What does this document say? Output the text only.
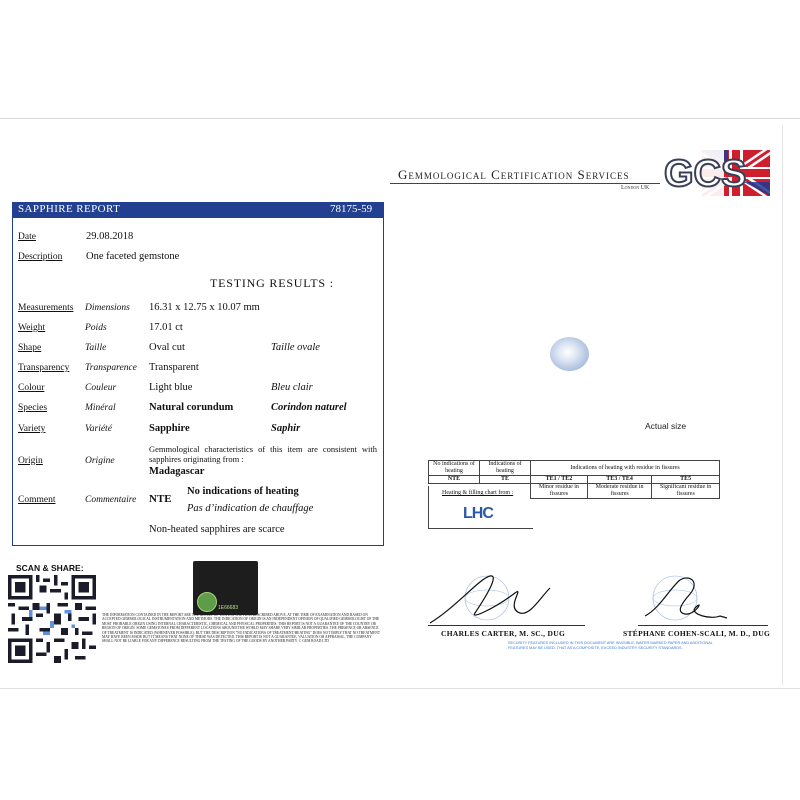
Gemmological Certification Services
London UK GCS
SAPPHIRE REPORT	78175-59
Date	29.08.2018
Description One faceted gemstone
TESTING RESULTS :
Measurements Dimensions 16.31 x 12.75 x 10.07 mm
Weight	Poids	17.01 ct
Shape	Taille	Oval cut	Taille ovale
Transparency Transparence Transparent
Colour	Couleur	Light blue	Bleu clair
Species	Minéral	Natural corundum	Corindon naturel
Variety	Variété	Sapphire	Saphir
Origin	Origine
Gemmological characteristics of this item are consistent with sapphires originating from :
Madagascar
Comment	Commentaire NTE
No indications of heating
Pas d’indication de chauffage
Non-heated sapphires are scarce
Actual size
No indications of heating	Indications of heating	Indications of heating with residue in fissures		
NTE	TE	TE1 / TE2	TE3 / TE4	TE5
		Minor residue in fissures	Moderate residue in fissures	Significant residue in fissures
Heating & filling chart from :
LHC
SCAN & SHARE:
1E66683
THE INFORMATION CONTAINED IN THE REPORT ARE THE RESULT OF TESTING THE ITEM DESCRIBED ABOVE, AT THE TIME OF EXAMINATION AND BASED ON ACCEPTED GEMMOLOGICAL INSTRUMENTATION AND METHODS. THE INDICATION OF ORIGIN IS AN INDEPENDENT OPINION OF QUALIFIED GEMMOLOGIST OF THE MOST PROBABLE ORIGIN USING INTERNAL CHARACTERISTIC, CHEMICAL AND PHYSICAL PROPERTIES. THIS REPORT IS NOT A GUARANTEE OF THE COUNTRY OR REGION OF ORIGIN. SOME GEMSTONES FROM DIFFERENT LOCATIONS AROUND THE WORLD MAY SHARE VERY SIMILAR PROPERTIES. THE PRESENCE OR ABSENCE OF TREATMENT IS INDICATED (WHENEVER POSSIBLE), BUT THE DESCRIPTION "NO INDICATIONS OF TREATMENT/HEATING" DOES NOT IMPLY THAT NO TREATMENT MAY HAVE BEEN MADE BUT IT MEANS THAT NONE OF THESE WAS DETECTED. THIS REPORT IS NOT A GUARANTEE, VALUATION OR APPRAISAL. THE COMPANY SHALL NOT BE LIABLE FOR ANY DIFFERENCE RESULTING FROM THE TESTING OF THE GOODS BY ANOTHER PARTY. © GEM ROAD LTD
CHARLES CARTER, M. SC., DUG	STÉPHANE COHEN-SCALI, M. D., DUG
SECURITY FEATURES INCLUDED IN THIS DOCUMENT ARE INVISIBLE, WATER MARKED PAPER AND ADDITIONAL FEATURES MAY BE USED. THAT AS A COMPOSITE, EXCEED INDUSTRY SECURITY STANDARDS.
